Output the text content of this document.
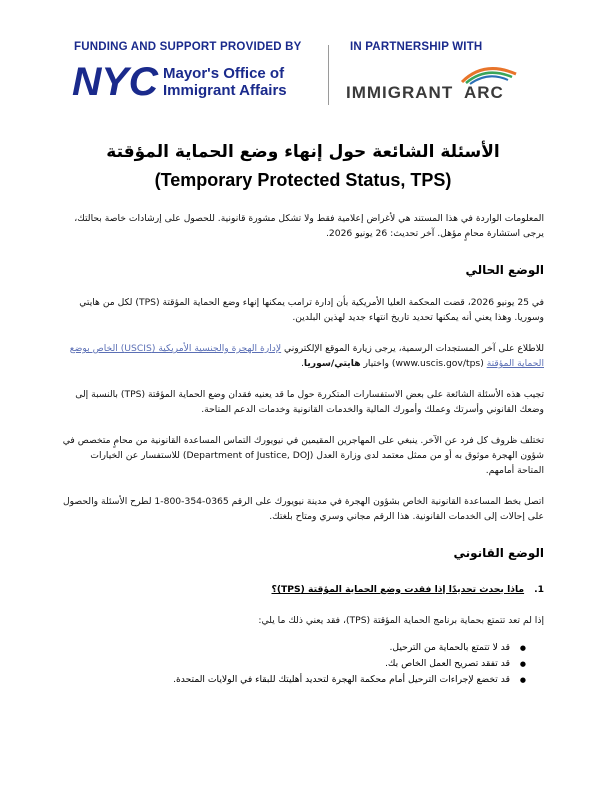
FUNDING AND SUPPORT PROVIDED BY
NYC Mayor's Office of
Immigrant Affairs
IN PARTNERSHIP WITH
IMMIGRANT ARC
الأسئلة الشائعة حول إنهاء وضع الحماية المؤقتة
(Temporary Protected Status, TPS)

المعلومات الواردة في هذا المستند هي لأغراض إعلامية فقط ولا تشكل مشورة قانونية. للحصول على إرشادات خاصة بحالتك، يرجى استشارة محامٍ مؤهل. آخر تحديث: 26 يونيو 2026.

الوضع الحالي

في 25 يونيو 2026، قضت المحكمة العليا الأمريكية بأن إدارة ترامب يمكنها إنهاء وضع الحماية المؤقتة (TPS) لكل من هايتي وسوريا. وهذا يعني أنه يمكنها تحديد تاريخ انتهاء جديد لهذين البلدين.

للاطلاع على آخر المستجدات الرسمية، يرجى زيارة الموقع الإلكتروني لإدارة الهجرة والجنسية الأمريكية (USCIS) الخاص بوضع الحماية المؤقتة (www.uscis.gov/tps) واختيار هايتي/سوريا.

تجيب هذه الأسئلة الشائعة على بعض الاستفسارات المتكررة حول ما قد يعنيه فقدان وضع الحماية المؤقتة (TPS) بالنسبة إلى وضعك القانوني وأسرتك وعملك وأمورك المالية والخدمات القانونية وخدمات الدعم المتاحة.

تختلف ظروف كل فرد عن الآخر. ينبغي على المهاجرين المقيمين في نيويورك التماس المساعدة القانونية من محامٍ متخصص في شؤون الهجرة موثوق به أو من ممثل معتمد لدى وزارة العدل (Department of Justice, DOJ) للاستفسار عن الخيارات المتاحة أمامهم.

اتصل بخط المساعدة القانونية الخاص بشؤون الهجرة في مدينة نيويورك على الرقم 0365-354-800-1 لطرح الأسئلة والحصول على إحالات إلى الخدمات القانونية. هذا الرقم مجاني وسري ومتاح بلغتك.

الوضع القانوني
1.ماذا يحدث تحديدًا إذا فقدت وضع الحماية المؤقتة (TPS)؟

إذا لم تعد تتمتع بحماية برنامج الحماية المؤقتة (TPS)، فقد يعني ذلك ما يلي:

● قد لا تتمتع بالحماية من الترحيل.
● قد تفقد تصريح العمل الخاص بك.
● قد تخضع لإجراءات الترحيل أمام محكمة الهجرة لتحديد أهليتك للبقاء في الولايات المتحدة.
